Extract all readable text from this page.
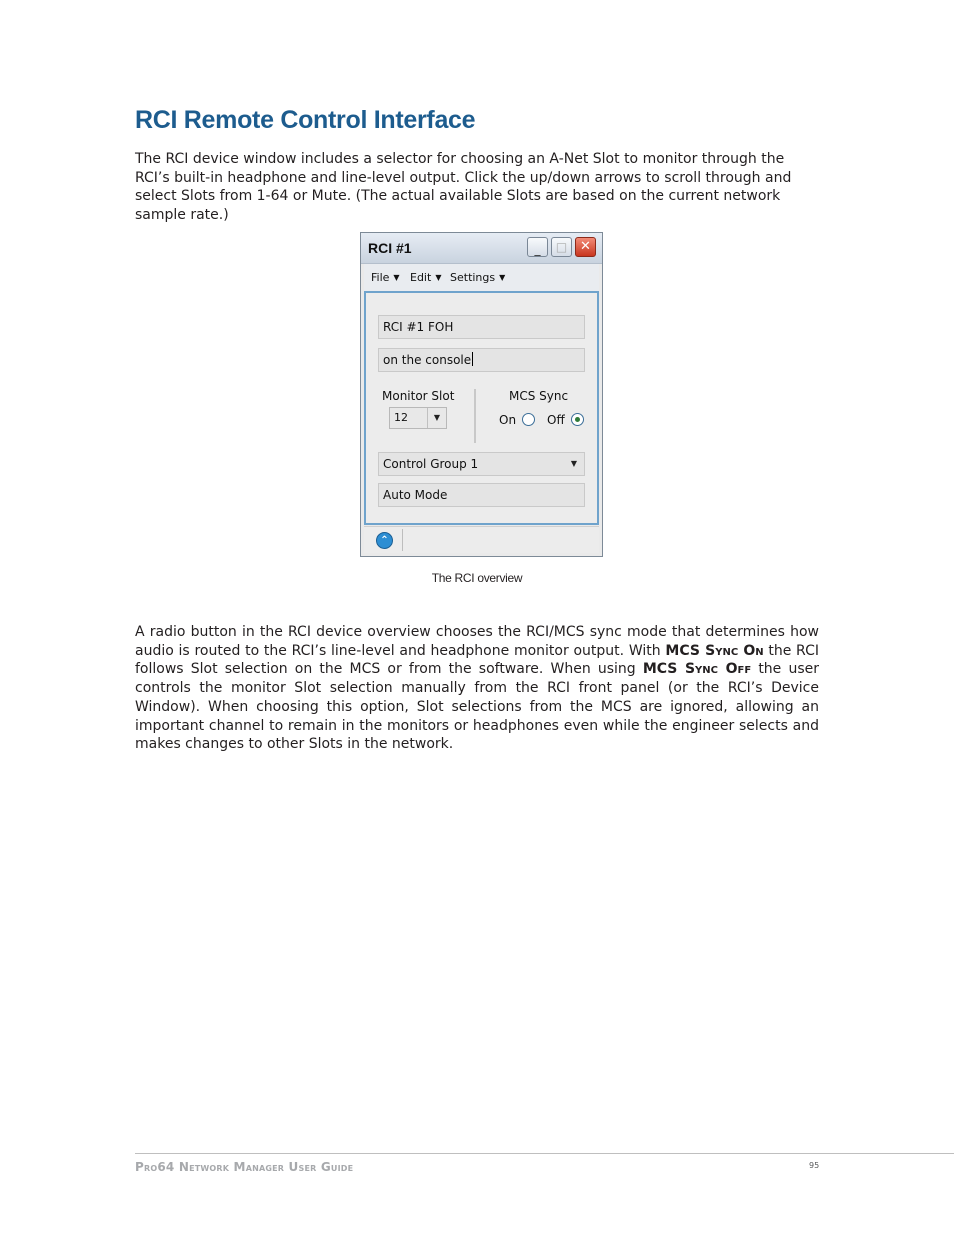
RCI Remote Control Interface

The RCI device window includes a selector for choosing an A-Net Slot to monitor through the RCI’s built-in headphone and line-level output. Click the up/down arrows to scroll through and select Slots from 1-64 or Mute. (The actual available Slots are based on the current network sample rate.)

RCI #1	_	□ ✕
File ▼ Edit ▼ Settings ▼
RCI #1 FOH
on the console
Monitor Slot
12	▼
MCS Sync
On	Off
Control Group 1	▼
Auto Mode
⌃
The RCI overview

A radio button in the RCI device overview chooses the RCI/MCS sync mode that determines how audio is routed to the RCI’s line-level and headphone monitor output. With MCS Sync On the RCI follows Slot selection on the MCS or from the software. When using MCS Sync Off the user controls the monitor Slot selection manually from the RCI front panel (or the RCI’s Device Window). When choosing this option, Slot selections from the MCS are ignored, allowing an important channel to remain in the monitors or headphones even while the engineer selects and makes changes to other Slots in the network.

Pro64 Network Manager User Guide	95
